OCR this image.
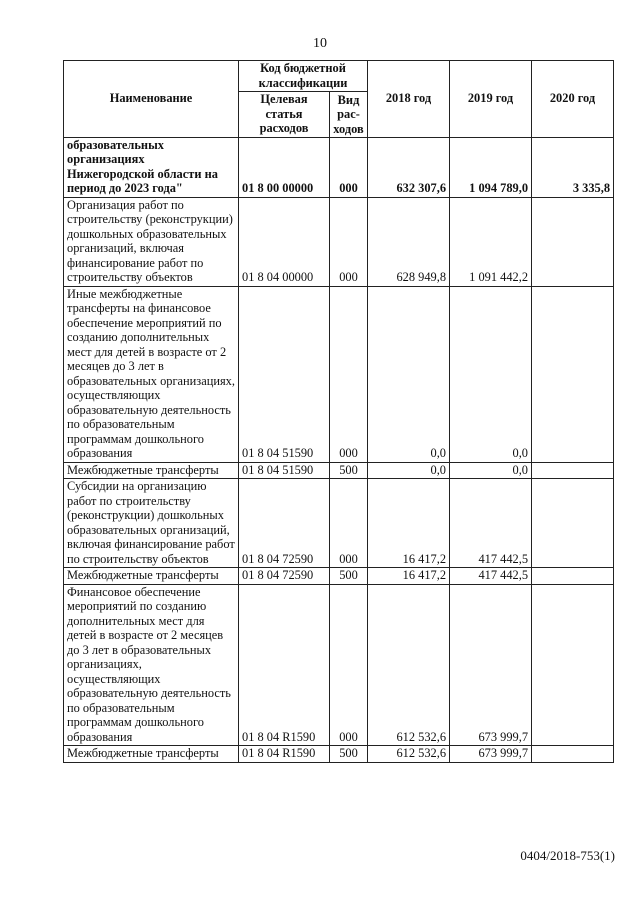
10
Наименование	Код бюджетной классификации		2018 год	2019 год	2020 год
	Целевая статья расходов	Вид рас-ходов			
образовательных организациях Нижегородской области на период до 2023 года"	01 8 00 00000	000	632 307,6	1 094 789,0	3 335,8
Организация работ по строительству (реконструкции) дошкольных образовательных организаций, включая финансирование работ по строительству объектов	01 8 04 00000	000	628 949,8	1 091 442,2	
Иные межбюджетные трансферты на финансовое обеспечение мероприятий по созданию дополнительных мест для детей в возрасте от 2 месяцев до 3 лет в образовательных организациях, осуществляющих образовательную деятельность по образовательным программам дошкольного образования	01 8 04 51590	000	0,0	0,0	
Межбюджетные трансферты	01 8 04 51590	500	0,0	0,0	
Субсидии на организацию работ по строительству (реконструкции) дошкольных образовательных организаций, включая финансирование работ по строительству объектов	01 8 04 72590	000	16 417,2	417 442,5	
Межбюджетные трансферты	01 8 04 72590	500	16 417,2	417 442,5	
Финансовое обеспечение мероприятий по созданию дополнительных мест для детей в возрасте от 2 месяцев до 3 лет в образовательных организациях, осуществляющих образовательную деятельность по образовательным программам дошкольного образования	01 8 04 R1590	000	612 532,6	673 999,7	
Межбюджетные трансферты	01 8 04 R1590	500	612 532,6	673 999,7	
0404/2018-753(1)
